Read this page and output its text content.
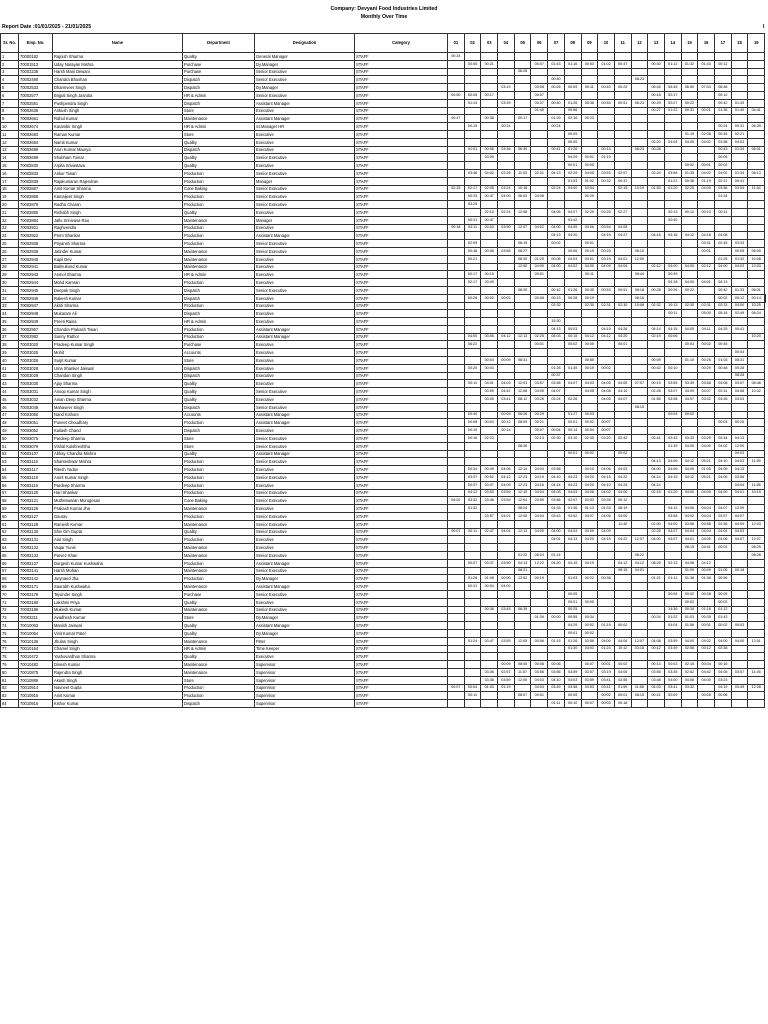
Company: Devyani Food Industries Limited
Monthly Over Time
Report Date :01/01/2025 - 21/01/2025	I
Sr. No.	Emp. No.	Name	Department	Designation	Category	01	02	03	04	05	06	07	08	09	10	11	12	13	14	15	16	17	18	19	
1	70000182	Rajnish Sharma	Quality	General Manager	STAFF	00:24																			
2	70001513	Uday Narayan Mishra	Purchase	Dy.Manager	STAFF		00:05	00:21			00:07	01:43	01:16	00:53	01:02	00:47		00:30	01:12	01:32	01:43	00:12			
3	70002235	Harsh Mani Dewani	Purchase	Senior Executive	STAFF					08:26															
4	70002490	Chandra Bhushan	Dispatch	Senior Executive	STAFF							00:40					08:23								
5	70002533	Dharmveer Singh	Dispatch	Dy.Manager	STAFF				03:19		00:08	00:26	00:59	00:11	00:40	00:23		06:45	06:45	06:50	07:04	06:48			
6	70002577	Brijpal Singh Jasrotia	HR & Admin	Senior Executive	STAFF	00:50	00:05	00:17			00:07							00:18	00:17			00:12			
7	70002581	Pushpendra Singh	Dispatch	Assistant Manager	STAFF		01:13		03:39		00:37	00:40	01:26	05:36	00:54	00:51	06:23	00:29	00:27	00:22		00:42	01:33		
8	70002636	Ankush Singh	Store	Executive	STAFF						01:40		00:56					00:27	01:22	00:31	00:01	01:35	01:40	04:41	
9	70002661	Rahul Kumar	Maintenance	Assistant Manager	STAFF	00:47		00:38		00:17		01:29	02:16	00:23											
10	70002674	Karambir Singh	HR & Admin	Sr.Manager HR	STAFF		00:15		00:24			00:24										00:24	00:31	06:39	
11	70002683	Raman Kumar	Store	Executive	STAFF								00:09							01:19	02:08	00:45	02:21		
12	70002684	Namit Kumar	Quality	Executive	STAFF								00:05					02:20	04:04	04:05	04:02	03:58	04:03		
13	70002686	Arun Kumar Maurya	Dispatch	Executive	STAFF		01:01	00:08	03:36	06:30		00:41	01:26		00:14		08:23	00:28				00:43	01:34	06:01	
14	70002699	Shubham Tomar	Quality	Senior Executive	STAFF			03:09					04:29	00:01	01:19							00:05			
15	70002830	Arpita Srivastava	Quality	Executive	STAFF								00:01	00:05						00:02	00:01	00:02			
16	70002833	Ankur Tiwari	Production	Senior Executive	STAFF		03:46	04:02	02:26	11:03	02:31	04:13	02:29	04:05	03:53	02:57		02:24	03:58	01:35	04:02	04:02	01:34	08:13	
17	70002839	Rajakumaran Rajendran	Production	Manager	STAFF								01:53	01:02	00:32	00:37			01:21	00:36	01:19	02:21	00:41		
18	70002867	Amit Kumar Sharma	Cone Baking	Senior Executive	STAFF	02:25	02:17	02:05	03:24	10:18		02:24	04:00	03:54		02:15	10:19	01:53	01:20	02:25	04:00	03:56	03:54	11:54	
19	70002868	Kamaljeet Singh	Production	Senior Executive	STAFF		00:33	00:47	04:00	06:03	04:08			00:29								01:24			
20	70002878	Radha Charan	Production	Senior Executive	STAFF		03:25																		
21	70002880	Rishabh Singh	Quality	Executive	STAFF			02:10	02:24	12:08		04:05	04:07	02:29	02:25	02:27			00:13	00:12	00:10	00:11			
22	70002884	Jallu Srinivasa Rao	Maintenance	Manager	STAFF		00:31	00:47					01:42						00:40						
23	70002921	Raghvendra	Production	Executive	STAFF	00:18	04:11	03:53	03:50	12:07	04:02	04:00	04:05	04:06	03:54	04:05									
24	70002922	Prem Shankar	Production	Assistant Manager	STAFF							04:13	04:20		04:19	04:27		04:16	04:16	04:12	04:18	04:08			
25	70002938	Priyansh Sharma	Production	Senior Executive	STAFF		02:09			08:19		00:02		00:01							03:31	02:45	03:33		
26	70002939	Jatinder Kumar	Maintenance	Senior Executive	STAFF		00:46	00:06	03:58	08:27			00:06	00:19	00:25		08:10				00:01		00:05	08:09	
27	70002940	Kapil Dev	Maintenance	Executive	STAFF		00:21			08:30	01:25	00:08	04:03	04:01	03:19	04:01	12:00					01:25	01:32	10:08	
28	70002941	Balmukund Kumar	Maintenance	Executive	STAFF					12:00	04:00	04:00	04:02	04:00	04:09	04:04		02:12	04:00	04:00	02:12	04:00	04:03	12:03	
29	70002943	Anmol Sharma	HR & Admin	Executive	STAFF		00:17	00:15			00:01			00:11			08:44		00:39						
30	70002944	Mohd Kamran	Production	Executive	STAFF		02:17	03:49											04:18	04:00	04:01	04:13			
31	70002945	Deepak Singh	Dispatch	Senior Executive	STAFF					08:20		00:42	01:26	00:35	00:53	00:51	08:18	00:28	00:26	00:22		00:42	01:33	06:01	
32	70002946	Rakesh Kumar	Dispatch	Executive	STAFF		00:28	00:02	00:02		00:08	00:13	00:28	00:19			08:16					00:02	00:12	00:14	
33	70002947	Akriti Sharma	Production	Executive	STAFF							02:32		02:30	02:31	02:30	10:08	02:32	10:13	02:30	02:31	02:33	04:00	10:25	
34	70002948	Mukaram Ali	Dispatch	Executive	STAFF														00:11		05:00	05:18	02:49	08:24	
35	70002949	Preeti Raina	HR & Admin	Executive	STAFF							15:30													
36	70002967	Chandra Prakash Tiwari	Production	Assistant Manager	STAFF							04:13	00:03		04:19	04:26		04:14	04:15	04:05	04:11	04:25	00:41		
37	70002982	Sunny Rathor	Production	Assistant Manager	STAFF		04:00	03:56	04:12	12:13	02:25	04:03	00:15	04:12	04:12	04:20		02:19	00:06					10:20	
38	70003020	Pradeep Kumar Singh	Purchase	Executive	STAFF		06:22				00:01		00:02	00:05		00:01				00:03	00:02	00:45			
39	70003025	Mohit	Accounts	Executive	STAFF																		00:04		
40	70003026	Surjit Kumar	Store	Executive	STAFF			00:04	00:09	08:31				00:50				00:09		01:10	00:25	01:03	05:31		
41	70003028	Uma Shanker Jaiswal	Dispatch	Executive	STAFF		00:20	00:03				01:28	01:35	00:19	00:02			00:42	00:10		00:29	00:48	00:28		
42	70003029	Chandan Singh	Dispatch	Executive	STAFF							00:37											08:28		
43	70003030	Ajay Sharma	Quality	Executive	STAFF		00:11	04:01	04:03	12:01	03:57	03:58	04:07	04:03	04:05	04:05	07:57	00:19	03:55	03:39	03:58	04:08	03:57	08:46	
44	70003031	Anoop Kumar Singh	Quality	Senior Executive	STAFF			03:59	04:42	12:08	04:05	04:07		04:05	04:08	04:10		02:28	04:07	04:09	04:07	02:31	04:08	10:32	
45	70003032	Aman Deep Sharma	Quality	Executive	STAFF			03:05	03:41	08:12	03:26	03:24	02:26		04:05	04:07		01:55	04:08	04:07	03:32	03:26	03:03		
46	70003049	Mahaveer Singh	Dispatch	Senior Executive	STAFF												08:15								
47	70003050	Nand Kishore	Accounts	Assistant Manager	STAFF		00:40		00:05	06:26	00:29		01:27	00:03					00:04	00:02					
48	70003051	Puneet Choudhary	Production	Assistant Manager	STAFF		00:08	00:04	00:12	08:09	00:21		00:01	00:02	00:07							00:03	00:25		
49	70003052	Kailash Chand	Dispatch	Executive	STAFF		00:10		00:14		00:07	00:04	00:14	00:04	00:07										
50	70003075	Pardeep Sharma	Store	Senior Executive	STAFF		00:16	02:23			02:13	02:30	03:10	02:35	02:20	02:42		02:41	02:43	03:33	03:29	02:44	04:13		
51	70003079	Vishal Kulshreshtha	Store	Senior Executive	STAFF					08:26									01:39	04:00	04:00	04:02	12:00		
52	70003107	Abhay Chandra Mishra	Quality	Assistant Manager	STAFF								00:01	00:02		00:02							00:03		
53	70003116	Shanteshwar Mishra	Production	Senior Executive	STAFF													04:13	04:06	04:12	05:21	04:10	04:03	11:59	
54	70003117	Ritesh Yadav	Production	Executive	STAFF		00:34	00:49	04:06	12:14	04:04	03:58		04:10	04:06	04:03		04:00	04:06	04:00	01:05	04:09	04:13		
55	70003118	Amrit Kumar Singh	Production	Senior Executive	STAFF		03:37	00:52	04:12	12:23	04:19	04:10	04:23	04:20	04:15	04:22		04:14	04:15	04:12	05:21	04:05	03:56		
56	70003119	Pardeep Sharma	Production	Executive	STAFF		00:37	03:37	04:09	12:23	04:16	04:14	04:23	04:20	04:10	04:24		04:14					04:04	11:56	
57	70003120	Hari Shankar	Production	Senior Executive	STAFF		04:12	03:53	03:59	12:10	04:04	04:03	04:03	04:06	04:02	04:00		02:16	01:20	04:00	04:00	04:00	04:01	10:19	
58	70003121	Mutheswaran Murugesan	Cone Baking	Senior Executive	STAFF	04:02	03:32	03:46	03:59	12:04	03:59	03:56	02:07	03:53	03:35	00:12									
59	70003126	Prakash Kumar Jha	Maintenance	Executive	STAFF		01:32			08:24		01:33	01:36	01:13	01:33	08:19			04:12	04:06	04:04	04:07	12:09		
60	70003127	Gaurav	Production	Senior Executive	STAFF			03:57	04:01	12:05	04:04	03:43	03:52	04:07	04:06	04:00			03:58	04:02	04:04	03:57	04:07		
61	70003128	Ramesh Kumar	Maintenance	Senior Executive	STAFF											11:40		02:00	04:00	03:58	03:58	02:36	04:00	12:03	
62	70003130	Shiv Om Gupta	Quality	Senior Executive	STAFF	00:07	00:11	02:47	04:04	12:13	04:00	04:00	04:04	04:09	04:09			02:25	04:07	04:04	04:04	04:04	04:03		
63	70003131	Atul Singh	Production	Executive	STAFF							04:01	04:13	04:20	04:15	04:22	12:07	04:00	04:07	04:01	04:05	04:06	04:07	12:07	
64	70003132	Vaqar Yunis	Maintenance	Executive	STAFF															08:15	04:41	00:02		08:25	
65	70003133	Parvez Khan	Maintenance	Senior Executive	STAFF					01:22	06:24	01:14					08:22							08:28	
66	70003137	Durgesh Kumar Kushwaha	Production	Assistant Manager	STAFF		00:07	03:37	03:50	04:13	12:22	04:20	04:15	04:19		04:12	04:12	08:29	02:13	04:08	04:12				
67	70003141	Harsh Mohan	Maintenance	Senior Executive	STAFF					08:21						08:15	04:01			01:09	00:49	01:05	00:18		
68	70003142	Jutynand Jha	Production	Dy.Manager	STAFF		01:28	01:08	00:00	13:52	00:19		01:03	00:22	00:38			01:21	01:11	01:38	01:38	00:56			
69	70003171	Saurabh Kushwaha	Maintenance	Assistant Manager	STAFF		00:31	00:54	04:00																
70	70003179	Tejvinder Singh	Purchase	Senior Executive	STAFF								00:05						00:04	00:02	00:38	00:05			
71	70003180	Lakshmi Priya	Quality	Executive	STAFF								00:01	00:05						00:02		00:02			
72	70003186	Mukesh Kumar	Maintenance	Senior Executive	STAFF			00:36	03:45	06:39			00:25						14:36	00:34	01:18	01:12			
73	70003211	Avadhesh Kumar	Store	Dy.Manager	STAFF						01:39	00:00	00:55	00:34				00:24	01:22	01:03	00:35	01:43			
74	70010063	Manish Jaiswal	Quality	Assistant Manager	STAFF								04:29	00:02	01:19	00:02			04:04	01:56	00:01	00:02	00:03		
75	70010064	Vinit Kumar Patel	Quality	Dy.Manager	STAFF								00:01	00:02											
76	70010136	Jhulan Singh	Maintenance	Fitter	STAFF		01:24	03:47	03:55	12:05	00:06	01:15	01:26	03:56	04:00	04:06	12:07	04:08	03:59	04:00	04:02	04:00	04:00	12:01	
77	70010164	Chamel Singh	HR & Admin	Time Keeper	STAFF								01:30	04:03	01:24	10:12	03:18	00:12	03:39	02:58	00:12	02:38			
78	70010472	Yashovardhan Sharma	Quality	Executive	STAFF																				
79	70010482	Dinesh Kumar	Maintenance	Supervisor	STAFF				00:09	08:05	00:08	00:06		00:07	00:01	00:02		00:13	00:03	02:15	00:04	00:16			
80	70010875	Rajendra Singh	Maintenance	Supervisor	STAFF			03:36	02:57	11:57	03:56	03:56	03:59	03:57	03:19	04:05		03:55	03:35	02:52	04:42	04:05	03:57	11:45	
81	70010889	Akash Singh	Store	Supervisor	STAFF			03:36	03:59	12:00	04:03	04:10	04:03	03:59	03:41	03:55		03:48	04:00	04:06	04:00	03:23			
82	70010914	Navneet Gupta	Production	Supervisor	STAFF	00:07	00:04	01:03	01:19		04:04	03:49	03:58	03:53	03:41	01:59	11:56	04:03	03:41	03:32		04:19	03:49	12:26	
83	70010915	Amit Kumar	Production	Supervisor	STAFF		00:11			08:07	00:01		00:05		00:02	00:01	08:15	00:21	00:09		00:05	00:06			
84	70010916	Kishor Kumar	Dispatch	Supervisor	STAFF							01:11	00:10	00:07	00:03	00:18									
